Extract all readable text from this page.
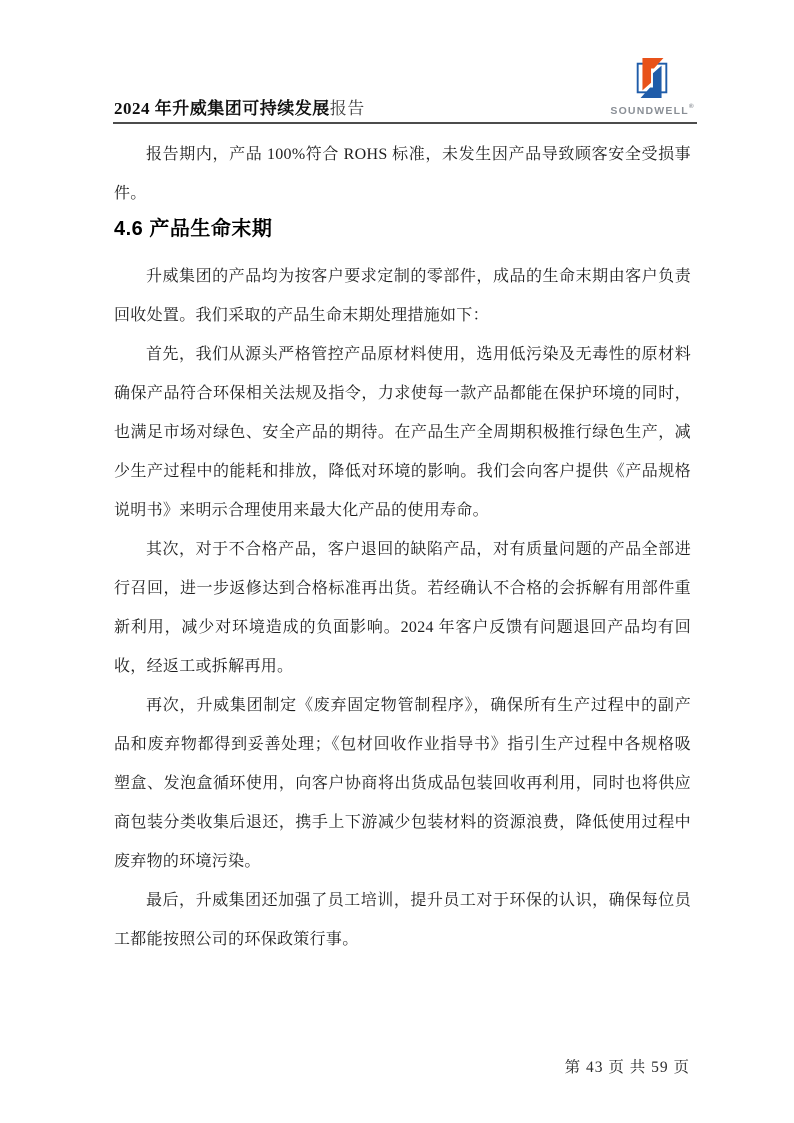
2024 年升威集团可持续发展报告	SOUNDWELL®

报告期内，产品 100%符合 ROHS 标准，未发生因产品导致顾客安全受损事件。

4.6 产品生命末期

升威集团的产品均为按客户要求定制的零部件，成品的生命末期由客户负责回收处置。我们采取的产品生命末期处理措施如下：

首先，我们从源头严格管控产品原材料使用，选用低污染及无毒性的原材料确保产品符合环保相关法规及指令，力求使每一款产品都能在保护环境的同时，也满足市场对绿色、安全产品的期待。在产品生产全周期积极推行绿色生产，减少生产过程中的能耗和排放，降低对环境的影响。我们会向客户提供《产品规格说明书》来明示合理使用来最大化产品的使用寿命。

其次，对于不合格产品，客户退回的缺陷产品，对有质量问题的产品全部进行召回，进一步返修达到合格标准再出货。若经确认不合格的会拆解有用部件重新利用，减少对环境造成的负面影响。2024 年客户反馈有问题退回产品均有回收，经返工或拆解再用。

再次，升威集团制定《废弃固定物管制程序》，确保所有生产过程中的副产品和废弃物都得到妥善处理；《包材回收作业指导书》指引生产过程中各规格吸塑盒、发泡盒循环使用，向客户协商将出货成品包装回收再利用，同时也将供应商包装分类收集后退还，携手上下游减少包装材料的资源浪费，降低使用过程中废弃物的环境污染。

最后，升威集团还加强了员工培训，提升员工对于环保的认识，确保每位员工都能按照公司的环保政策行事。

第 43 页 共 59 页
